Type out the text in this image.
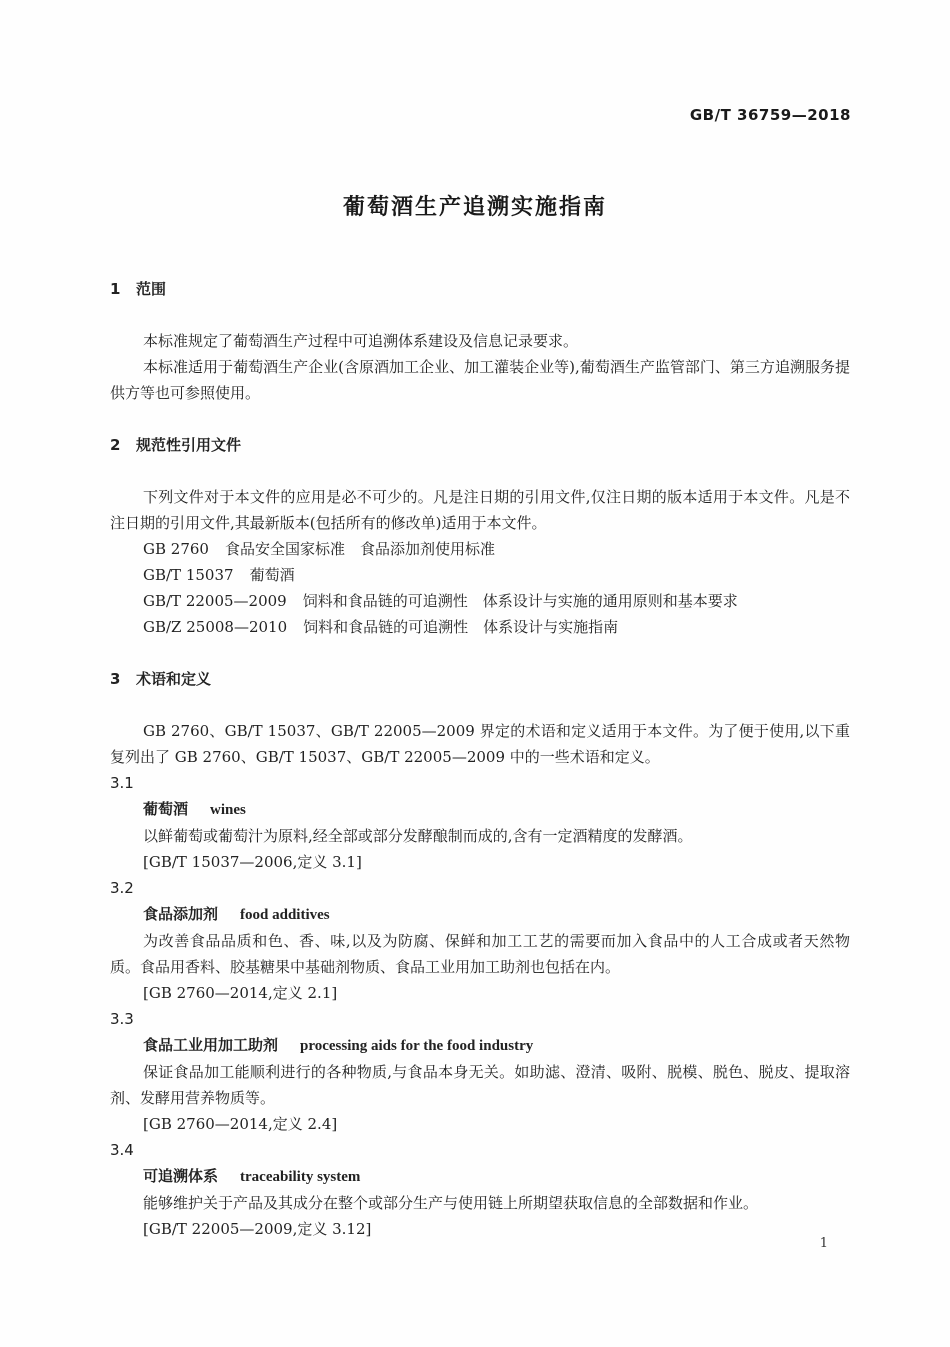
GB/T 36759—2018
葡萄酒生产追溯实施指南
1 范围

本标准规定了葡萄酒生产过程中可追溯体系建设及信息记录要求。

本标准适用于葡萄酒生产企业(含原酒加工企业、加工灌装企业等),葡萄酒生产监管部门、第三方追溯服务提供方等也可参照使用。

2 规范性引用文件

下列文件对于本文件的应用是必不可少的。凡是注日期的引用文件,仅注日期的版本适用于本文件。凡是不注日期的引用文件,其最新版本(包括所有的修改单)适用于本文件。

GB 2760 食品安全国家标准　食品添加剂使用标准
GB/T 15037 葡萄酒
GB/T 22005—2009 饲料和食品链的可追溯性　体系设计与实施的通用原则和基本要求
GB/Z 25008—2010 饲料和食品链的可追溯性　体系设计与实施指南
3 术语和定义

GB 2760、GB/T 15037、GB/T 22005—2009 界定的术语和定义适用于本文件。为了便于使用,以下重复列出了 GB 2760、GB/T 15037、GB/T 22005—2009 中的一些术语和定义。

3.1
葡萄酒 wines

以鲜葡萄或葡萄汁为原料,经全部或部分发酵酿制而成的,含有一定酒精度的发酵酒。

[GB/T 15037—2006,定义 3.1]
3.2
食品添加剂 food additives

为改善食品品质和色、香、味,以及为防腐、保鲜和加工工艺的需要而加入食品中的人工合成或者天然物质。食品用香料、胶基糖果中基础剂物质、食品工业用加工助剂也包括在内。

[GB 2760—2014,定义 2.1]
3.3
食品工业用加工助剂 processing aids for the food industry

保证食品加工能顺利进行的各种物质,与食品本身无关。如助滤、澄清、吸附、脱模、脱色、脱皮、提取溶剂、发酵用营养物质等。

[GB 2760—2014,定义 2.4]
3.4
可追溯体系 traceability system

能够维护关于产品及其成分在整个或部分生产与使用链上所期望获取信息的全部数据和作业。

[GB/T 22005—2009,定义 3.12]
1
